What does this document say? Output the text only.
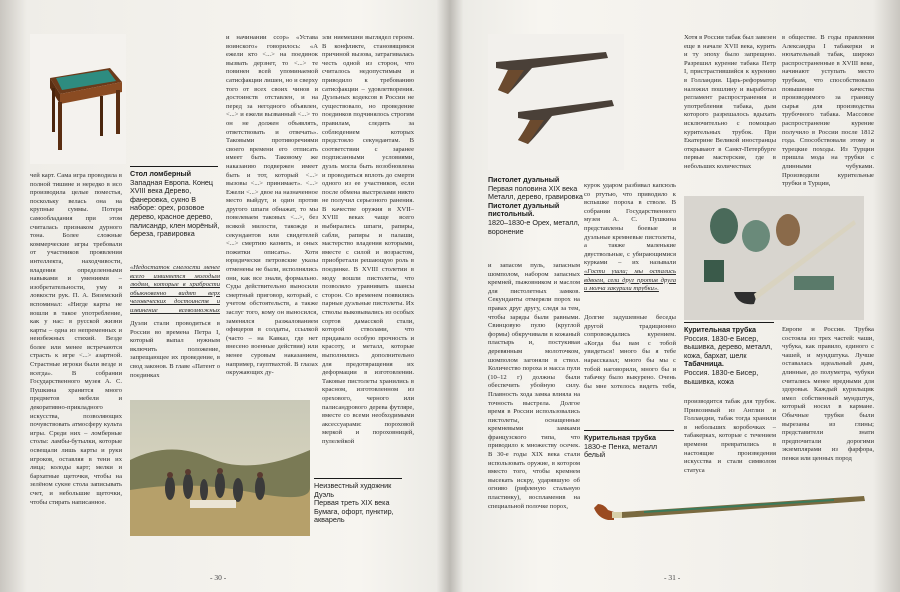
чей карт. Сама игра проводила в полной тишине и нередко в исо производила целые поместья, поскольку велась она на крупные суммы. Потеря самообладания при этом считалась признаком дурного тона. Более сложные коммерческие игры требовали от участников проявления интеллекта, находчивости, владения определенными навыками и умениями – изобретательности, уму и ловкости рук. П. А. Вяземский вспоминал: «Нигде карты не вошли в такое употребление, как у нас: в русской жизни карты – одна из непременных и неизбежных стихий. Везде более или менее встречаются страсть к игре <...> азартной. Страстные игроки были везде и всегда». В собрании Государственного музея А. С. Пушкина хранится много предметов мебели и декоративно-прикладного искусства, позволяющих почувствовать атмосферу культа игры. Среди них – ломберные столы: ламбы-бутылки, которые освещали лишь карты и руки игроков, оставляя в тени их лица; колоды карт; мелки и бархатные щеточки, чтобы на зелёном сукне стола записывать счет, и небольшие щеточки, чтобы стирать написанное.
Стол ломберный
Западная Европа. Конец XVIII века Дерево, фанеровка, сукно В наборе: орех, розовое дерево, красное дерево, палисандр, клен морёный, береза, гравировка
«Недостаток смелости менее всего извиняется молодым людям, которые в храбрости обыкновенно видят верх человеческих достоинств и извинение всевозможных
Дуэли стали проводиться в России во времена Петра I, который выпал нужным включить положение, запрещающее их проведение, в свод законов. В главе «Патент о поединках
и начинании ссор» «Устава воинского» говорилось: «А ежели кто <...> на поединок вызвать дерзнет, то <...> те повинен всей упоминаемой сатисфакции лишен, но и сверху того от всех своих чинов и достоинств отставлен, и на перед за негодного объявлен, <...> и ежели вызванный <...> то он не должен объявлять, ответствовать и отвечать». Таковыми противоречиями своего времени его отписать имеет быть. Таковому же наказанию подвержен имеет быть и тот, который <...> вызовы <...> принимает». <...> Ежели <...> двое на назначенное место выйдут, и один против другого шпаги обнажат, то мы повелеваем таковых <...>, без всякой милости, такожде и секундантов или свидетелей <...> смертию казнить, и оных пожитки описать». Хотя юридически петровские указы отменены не были, исполнялись они, как все знали, формально. Суды действительно выносили смертный приговор, который, с учетом обстоятельств, а также заслуг того, кому он выносился, заменялся разжалованием офицеров в солдаты, ссылкой (часто – на Кавказ, где нет внесено военные действия) или менее суровым наказанием, например, гауптвахтой. В глазах окружающих ду-
Неизвестный художник Дуэль
Первая треть XIX века Бумага, офорт, пунктир, акварель
эли ниемешни выглядел героем. В конфликте, становящимся причиной вызова, затрагивалась честь одной из сторон, что считалось недопустимым и приводило к требованию сатисфакции – удовлетворения. Дуэльных кодексов в России не существовало, но проведение поединков подчинялось строгим правилам, следить за соблюдением которых предстояло секундантам. В соответствии с заранее подписанными условиями, дуэль могла быть возобновлена и проводиться вплоть до смерти одного из ее участников, если после обмена выстрелами никто не получил серьезного ранения. В качестве оружия в XVII–XVIII веках чаще всего выбирались шпаги, рапиры, сабли, рапиры и палаши, мастерство владения которыми, вместе с силой и возрастом, приобретали решающую роль в поединке. В XVIII столетии в моду вошли пистолеты, что позволяло уравнивать шансы сторон. Со временем появились парные дуэльные пистолеты. Их стволы выковывались из особых сортов дамасской стали, которой стволами, что придавало особую прочность и красоту, и металл, которые выполнялись дополнительно для предотвращения их деформации в изготовлении. Таковые пистолеты хранились в красном, изготовленном из орехового, черного или палисандрового дерева футляре, вместе со всеми необходимыми аксессуарами: пороховой меркой и пороховницей, пулелейкой
- 30 -
Пистолет дуэльный
Первая половина XIX века Металл, дерево, гравировка
Пистолет дуэльный пистольный.
1820–1830-е Орех, металл, воронение
и запасом пуль, запасным шомполом, набором запасных кремней, пыжовником и маслом для пистолетных замков. Секунданты отмеряли порох на правах друг другу, следя за тем, чтобы заряды были равными. Свинцовую пулю (круглой формы) обкручивали в кожаный пластырь и, постукивая деревянным молоточком, шомполом загоняли в ствол. Количество пороха и масса пули (10–12 г) должны были обеспечить убойную силу. Плавность хода замка влияла на точность выстрела. Долгое время в России использовались пистолеты, оснащенные кремневыми замками французского типа, что приводило к множеству осечек. В 30-е годы XIX века стали использовать оружие, в котором вместо того, чтобы кремнем высекать искру, ударявшую об огниво (рифленую стальную пластинку), воспламенив на специальной полочке порох,
курок ударом разбивал капсюль со ртутью, что приводило к вспышке пороха в стволе. В собрании Государственного музея А. С. Пушкина представлены боевые и дуэльные кремневые пистолеты, а также маленькие двуствольные, с убирающимися курками – их называли
«Гости ушли; мы остались вдвоем, сели друг против друга и молча закурили трубки».
Долгие задушевные беседы другой традиционно сопровождались курением. «Когда бы вам с тобой увидеться! много бы я тебе нарассказал; много бы мы с тобой наговорили, много бы и табачку было выкурено. Очень бы мне хотелось видеть тебя,
Курительная трубка
1830-е Пенка, металл белый
Хотя в России табак был завезен еще в начале XVII века, курить и ту эпоху было запрещено. Разрешил курение табака Петр I, пристрастившийся к курению в Голландии. Царь-реформатор наложил пошлину и выработал регламент распространения и употребления табака, дым которого разрешалось вдыхать исключительно с помощью курительных трубок. При Екатерине Великой иностранцы открывают в Санкт-Петербурге первые мастерские, где в небольших количествах
Курительная трубка
Россия. 1830-е Бисер, вышивка, дерево, металл, кожа, бархат, шелк
Табачница.
Россия. 1830-е Бисер, вышивка, кожа
производится табак для трубок. Привозимый из Англии и Голландии, табак тогда хранили в небольших коробочках – табакерках, которые с течением времени превратились в настоящие произведения искусства и стали символом статуса
в обществе. В годы правления Александра I табакерки и нюхательный табак, широко распространенные в XVIII веке, начинают уступать место трубкам, что способствовало повышение качества производимого за границу сырья для производства трубочного табака. Массовое распространение курение получило в России после 1812 года. Способствовали этому и турецкие походы. Из Турции пришла мода на трубки с длинными чубуками. Производили курительные трубки в Турции,
Европе и России. Трубка состояла из трех частей: чаши, чубука, как правило, единого с чашей, и мундштука. Лучше оставалась идеальный дым, длинные, до полуметра, чубуки считались менее вредными для здоровья. Каждый курильщик имел собственный мундштук, который носил в кармане. Обычные трубки были вырезаны из глины; представители знати предпочитали дорогими экземплярами из фарфора, пенки или ценных пород
- 31 -
